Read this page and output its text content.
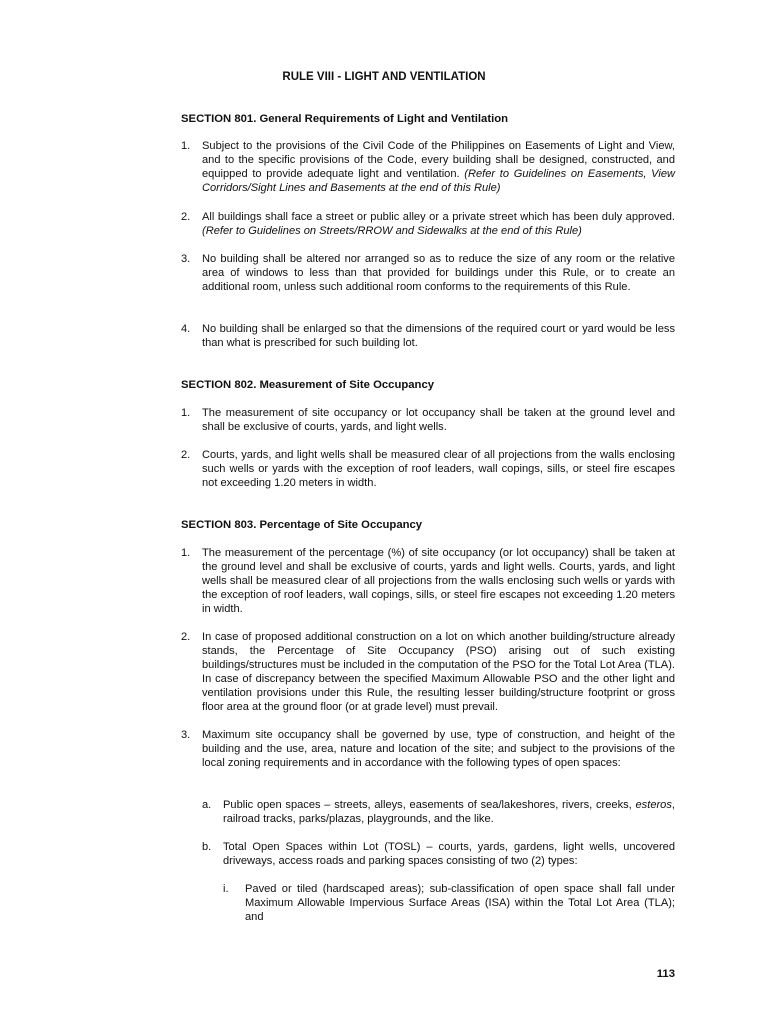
RULE VIII - LIGHT AND VENTILATION
SECTION 801. General Requirements of Light and Ventilation
1. Subject to the provisions of the Civil Code of the Philippines on Easements of Light and View, and to the specific provisions of the Code, every building shall be designed, constructed, and equipped to provide adequate light and ventilation. (Refer to Guidelines on Easements, View Corridors/Sight Lines and Basements at the end of this Rule)
2. All buildings shall face a street or public alley or a private street which has been duly approved. (Refer to Guidelines on Streets/RROW and Sidewalks at the end of this Rule)
3. No building shall be altered nor arranged so as to reduce the size of any room or the relative area of windows to less than that provided for buildings under this Rule, or to create an additional room, unless such additional room conforms to the requirements of this Rule.
4. No building shall be enlarged so that the dimensions of the required court or yard would be less than what is prescribed for such building lot.
SECTION 802. Measurement of Site Occupancy
1. The measurement of site occupancy or lot occupancy shall be taken at the ground level and shall be exclusive of courts, yards, and light wells.
2. Courts, yards, and light wells shall be measured clear of all projections from the walls enclosing such wells or yards with the exception of roof leaders, wall copings, sills, or steel fire escapes not exceeding 1.20 meters in width.
SECTION 803. Percentage of Site Occupancy
1. The measurement of the percentage (%) of site occupancy (or lot occupancy) shall be taken at the ground level and shall be exclusive of courts, yards and light wells. Courts, yards, and light wells shall be measured clear of all projections from the walls enclosing such wells or yards with the exception of roof leaders, wall copings, sills, or steel fire escapes not exceeding 1.20 meters in width.
2. In case of proposed additional construction on a lot on which another building/structure already stands, the Percentage of Site Occupancy (PSO) arising out of such existing buildings/structures must be included in the computation of the PSO for the Total Lot Area (TLA). In case of discrepancy between the specified Maximum Allowable PSO and the other light and ventilation provisions under this Rule, the resulting lesser building/structure footprint or gross floor area at the ground floor (or at grade level) must prevail.
3. Maximum site occupancy shall be governed by use, type of construction, and height of the building and the use, area, nature and location of the site; and subject to the provisions of the local zoning requirements and in accordance with the following types of open spaces:
a. Public open spaces – streets, alleys, easements of sea/lakeshores, rivers, creeks, esteros, railroad tracks, parks/plazas, playgrounds, and the like.
b. Total Open Spaces within Lot (TOSL) – courts, yards, gardens, light wells, uncovered driveways, access roads and parking spaces consisting of two (2) types:
i. Paved or tiled (hardscaped areas); sub-classification of open space shall fall under Maximum Allowable Impervious Surface Areas (ISA) within the Total Lot Area (TLA); and
113
